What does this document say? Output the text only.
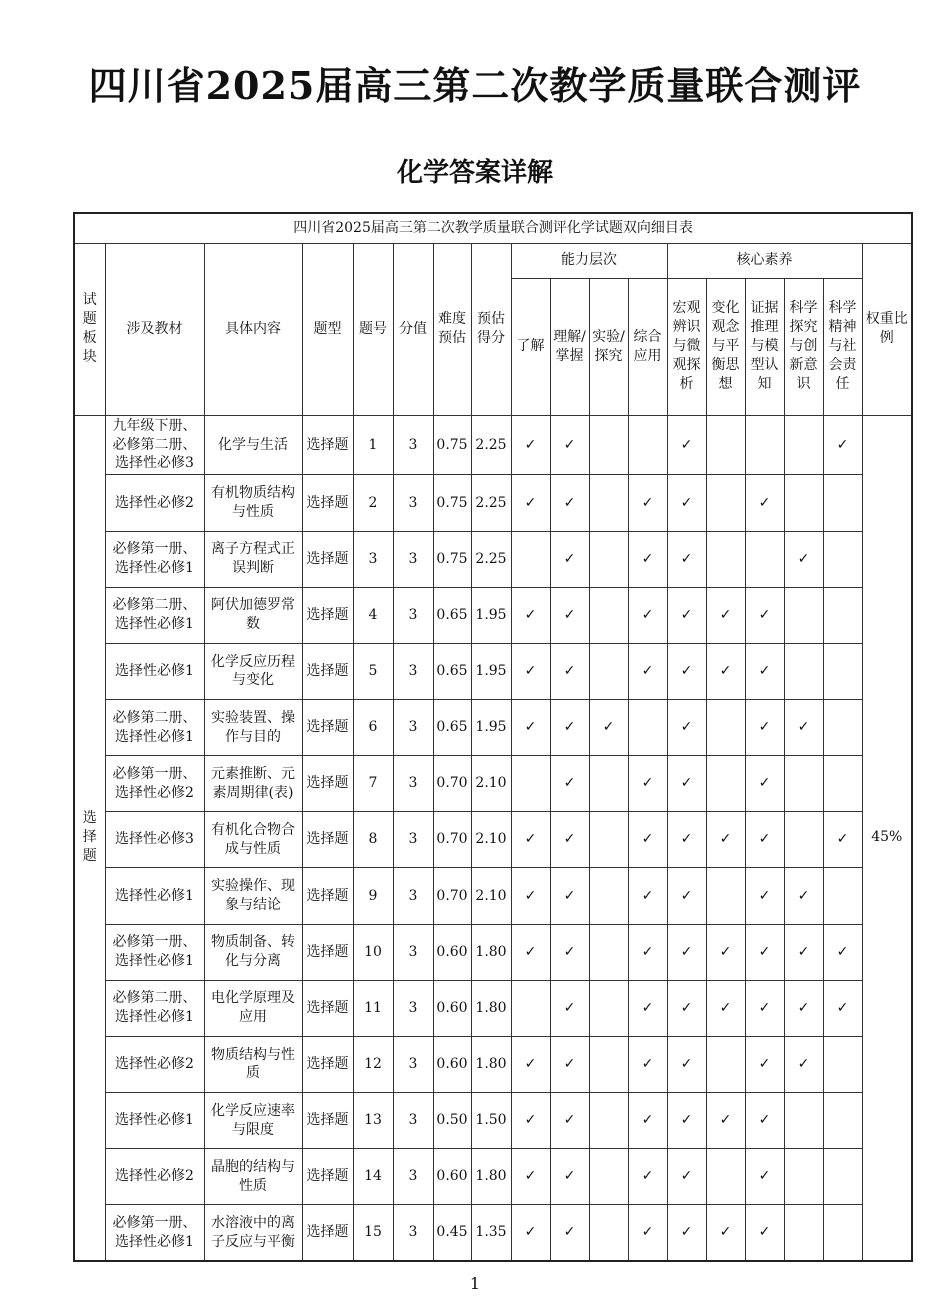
四川省2025届高三第二次教学质量联合测评
化学答案详解
四川省2025届高三第二次教学质量联合测评化学试题双向细目表																	
试题板块	涉及教材	具体内容	题型	题号	分值	难度预估	预估得分	能力层次				核心素养					权重比例
								了解	理解/掌握	实验/探究	综合应用	宏观辨识与微观探析	变化观念与平衡思想	证据推理与模型认知	科学探究与创新意识	科学精神与社会责任	
选择题	九年级下册、必修第二册、选择性必修3	化学与生活	选择题	1	3	0.75	2.25	✓	✓			✓				✓	45%
	选择性必修2	有机物质结构与性质	选择题	2	3	0.75	2.25	✓	✓		✓	✓		✓			
	必修第一册、选择性必修1	离子方程式正误判断	选择题	3	3	0.75	2.25		✓		✓	✓			✓		
	必修第二册、选择性必修1	阿伏加德罗常数	选择题	4	3	0.65	1.95	✓	✓		✓	✓	✓	✓			
	选择性必修1	化学反应历程与变化	选择题	5	3	0.65	1.95	✓	✓		✓	✓	✓	✓			
	必修第二册、选择性必修1	实验装置、操作与目的	选择题	6	3	0.65	1.95	✓	✓	✓		✓		✓	✓		
	必修第一册、选择性必修2	元素推断、元素周期律(表)	选择题	7	3	0.70	2.10		✓		✓	✓		✓			
	选择性必修3	有机化合物合成与性质	选择题	8	3	0.70	2.10	✓	✓		✓	✓	✓	✓		✓	
	选择性必修1	实验操作、现象与结论	选择题	9	3	0.70	2.10	✓	✓		✓	✓		✓	✓		
	必修第一册、选择性必修1	物质制备、转化与分离	选择题	10	3	0.60	1.80	✓	✓		✓	✓	✓	✓	✓	✓	
	必修第二册、选择性必修1	电化学原理及应用	选择题	11	3	0.60	1.80		✓		✓	✓	✓	✓	✓	✓	
	选择性必修2	物质结构与性质	选择题	12	3	0.60	1.80	✓	✓		✓	✓		✓	✓		
	选择性必修1	化学反应速率与限度	选择题	13	3	0.50	1.50	✓	✓		✓	✓	✓	✓			
	选择性必修2	晶胞的结构与性质	选择题	14	3	0.60	1.80	✓	✓		✓	✓		✓			
	必修第一册、选择性必修1	水溶液中的离子反应与平衡	选择题	15	3	0.45	1.35	✓	✓		✓	✓	✓	✓			
1
